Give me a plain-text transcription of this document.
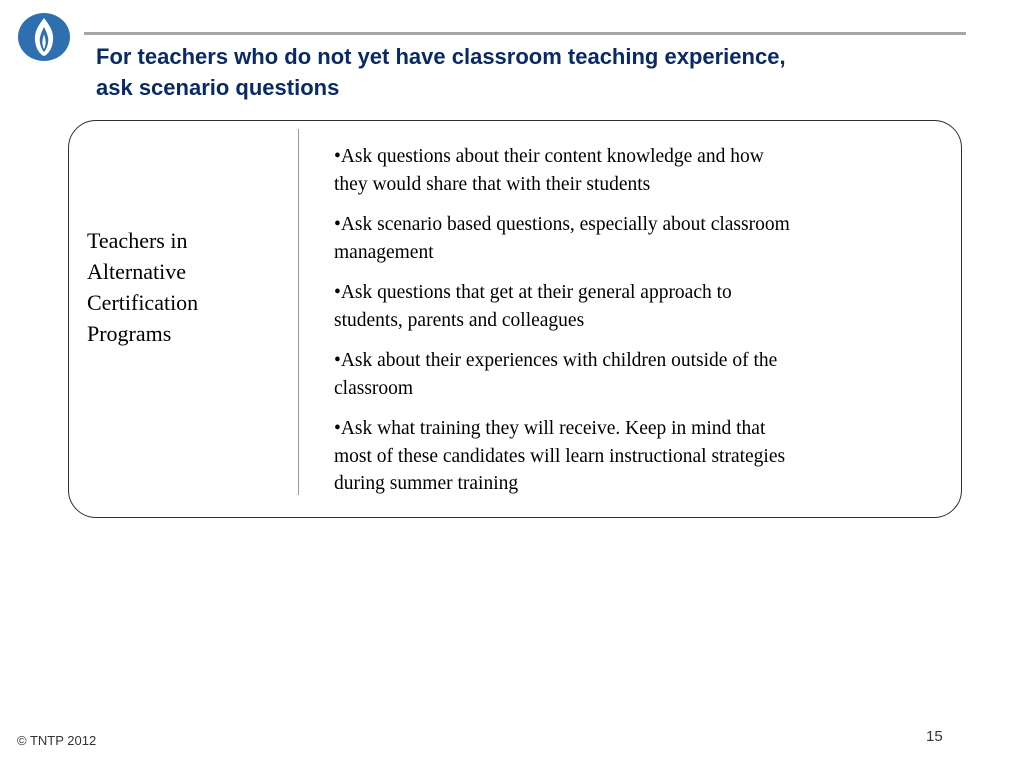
For teachers who do not yet have classroom teaching experience,
ask scenario questions

Teachers in
Alternative
Certification
Programs

•Ask questions about their content knowledge and how
they would share that with their students
•Ask scenario based questions, especially about classroom
management
•Ask questions that get at their general approach to
students, parents and colleagues
•Ask about their experiences with children outside of the
classroom
•Ask what training they will receive. Keep in mind that
most of these candidates will learn instructional strategies
during summer training
© TNTP 2012	15
